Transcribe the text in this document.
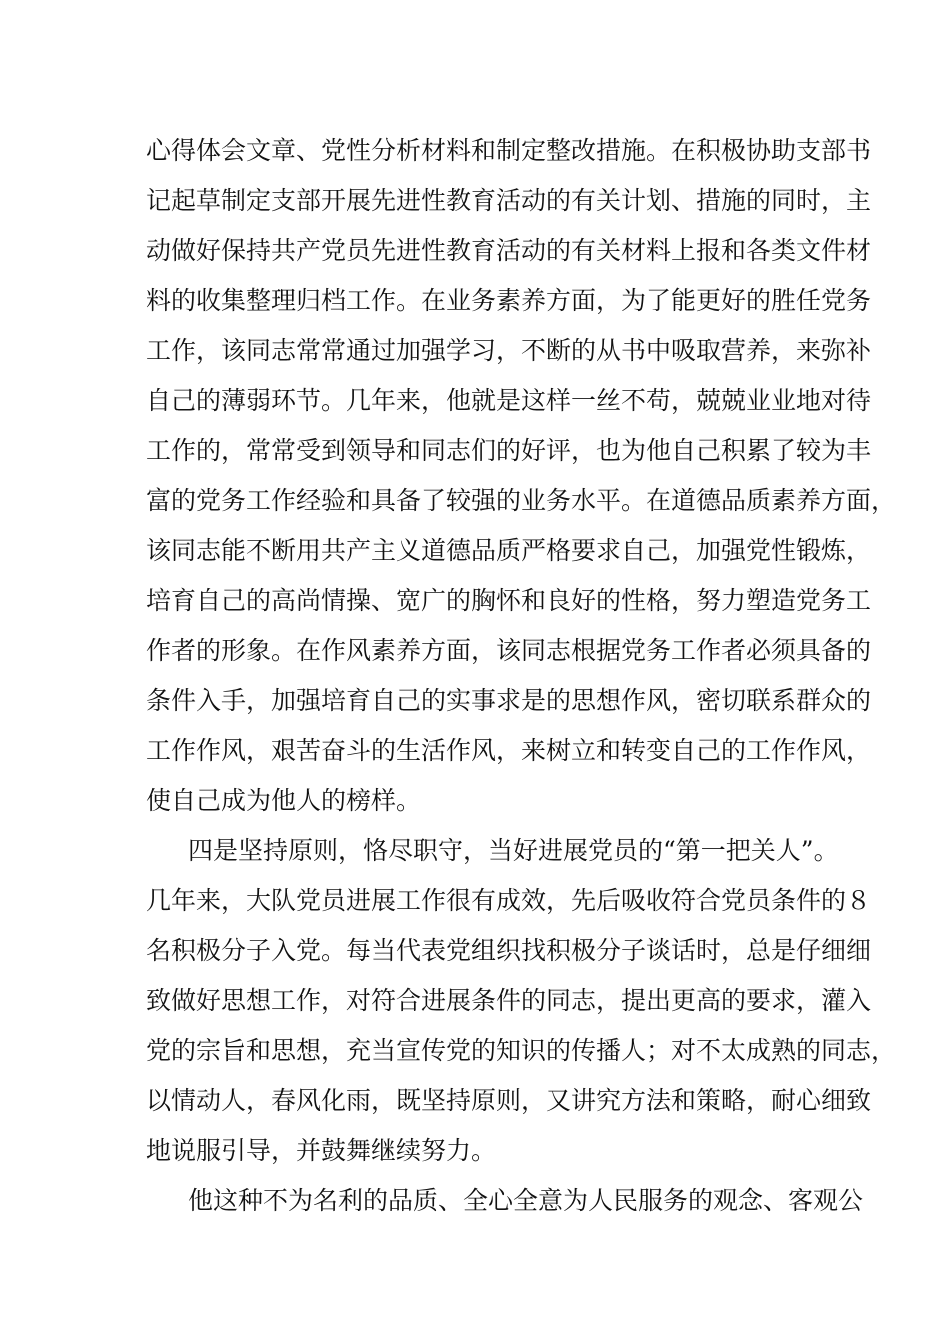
心得体会文章、党性分析材料和制定整改措施。在积极协助支部书

记起草制定支部开展先进性教育活动的有关计划、措施的同时，主

动做好保持共产党员先进性教育活动的有关材料上报和各类文件材

料的收集整理归档工作。在业务素养方面，为了能更好的胜任党务

工作，该同志常常通过加强学习，不断的从书中吸取营养，来弥补

自己的薄弱环节。几年来，他就是这样一丝不苟，兢兢业业地对待

工作的，常常受到领导和同志们的好评，也为他自己积累了较为丰

富的党务工作经验和具备了较强的业务水平。在道德品质素养方面，

该同志能不断用共产主义道德品质严格要求自己，加强党性锻炼，

培育自己的高尚情操、宽广的胸怀和良好的性格，努力塑造党务工

作者的形象。在作风素养方面，该同志根据党务工作者必须具备的

条件入手，加强培育自己的实事求是的思想作风，密切联系群众的

工作作风，艰苦奋斗的生活作风，来树立和转变自己的工作作风，

使自己成为他人的榜样。

四是坚持原则，恪尽职守，当好进展党员的“第一把关人”。

几年来，大队党员进展工作很有成效，先后吸收符合党员条件的８

名积极分子入党。每当代表党组织找积极分子谈话时，总是仔细细

致做好思想工作，对符合进展条件的同志，提出更高的要求，灌入

党的宗旨和思想，充当宣传党的知识的传播人；对不太成熟的同志，

以情动人，春风化雨，既坚持原则，又讲究方法和策略，耐心细致

地说服引导，并鼓舞继续努力。

他这种不为名利的品质、全心全意为人民服务的观念、客观公
